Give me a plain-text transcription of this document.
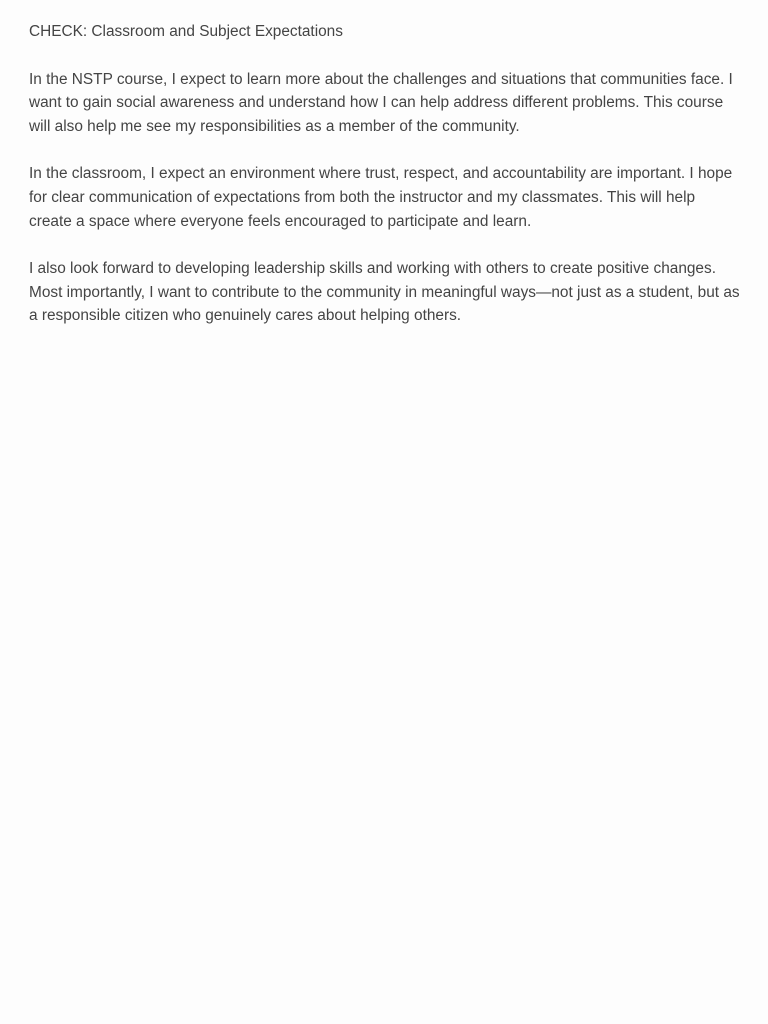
CHECK: Classroom and Subject Expectations

In the NSTP course, I expect to learn more about the challenges and situations that communities face. I want to gain social awareness and understand how I can help address different problems. This course will also help me see my responsibilities as a member of the community.

In the classroom, I expect an environment where trust, respect, and accountability are important. I hope for clear communication of expectations from both the instructor and my classmates. This will help create a space where everyone feels encouraged to participate and learn.

I also look forward to developing leadership skills and working with others to create positive changes. Most importantly, I want to contribute to the community in meaningful ways—not just as a student, but as a responsible citizen who genuinely cares about helping others.
